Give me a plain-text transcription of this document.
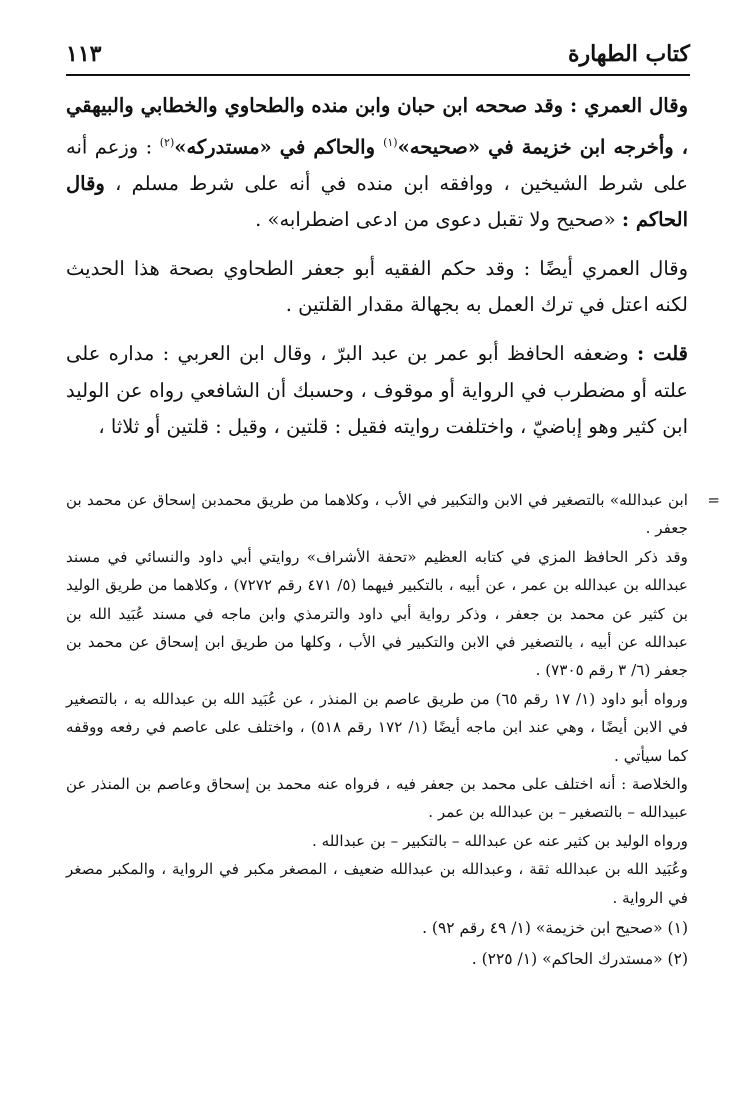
كتاب الطهارة
١١٣
وقال العمري : وقد صححه ابن حبان وابن منده والطحاوي والخطابي والبيهقي ، وأخرجه ابن خزيمة في «صحيحه»$^{(١)}$ والحاكم في «مستدركه»$^{(٢)}$ : وزعم أنه على شرط الشيخين ، ووافقه ابن منده في أنه على شرط مسلم ، وقال الحاكم : «صحيح ولا تقبل دعوى من ادعى اضطرابه» .
وقال العمري أيضًا : وقد حكم الفقيه أبو جعفر الطحاوي بصحة هذا الحديث لكنه اعتل في ترك العمل به بجهالة مقدار القلتين .
قلت : وضعفه الحافظ أبو عمر بن عبد البرّ ، وقال ابن العربي : مداره على علته أو مضطرب في الرواية أو موقوف ، وحسبك أن الشافعي رواه عن الوليد ابن كثير وهو إباضيّ ، واختلفت روايته فقيل : قلتين ، وقيل : قلتين أو ثلاثا ،
=

ابن عبدالله» بالتصغير في الابن والتكبير في الأب ، وكلاهما من طريق محمدبن إسحاق عن محمد بن جعفر .

وقد ذكر الحافظ المزي في كتابه العظيم «تحفة الأشراف» روايتي أبي داود والنسائي في مسند عبدالله بن عبدالله بن عمر ، عن أبيه ، بالتكبير فيهما (٥/ ٤٧١ رقم ٧٢٧٢) ، وكلاهما من طريق الوليد بن كثير عن محمد بن جعفر ، وذكر رواية أبي داود والترمذي وابن ماجه في مسند عُبَيد الله بن عبدالله عن أبيه ، بالتصغير في الابن والتكبير في الأب ، وكلها من طريق ابن إسحاق عن محمد بن جعفر (٦/ ٣ رقم ٧٣٠٥) .

ورواه أبو داود (١/ ١٧ رقم ٦٥) من طريق عاصم بن المنذر ، عن عُبَيد الله بن عبدالله به ، بالتصغير في الابن أيضًا ، وهي عند ابن ماجه أيضًا (١/ ١٧٢ رقم ٥١٨) ، واختلف على عاصم في رفعه ووقفه كما سيأتي .

والخلاصة : أنه اختلف على محمد بن جعفر فيه ، فرواه عنه محمد بن إسحاق وعاصم بن المنذر عن عبيدالله – بالتصغير – بن عبدالله بن عمر .

ورواه الوليد بن كثير عنه عن عبدالله – بالتكبير – بن عبدالله .

وعُبَيد الله بن عبدالله ثقة ، وعبدالله بن عبدالله ضعيف ، المصغر مكبر في الرواية ، والمكبر مصغر في الرواية .

(١) «صحيح ابن خزيمة» (١/ ٤٩ رقم ٩٢) .

(٢) «مستدرك الحاكم» (١/ ٢٢٥) .
